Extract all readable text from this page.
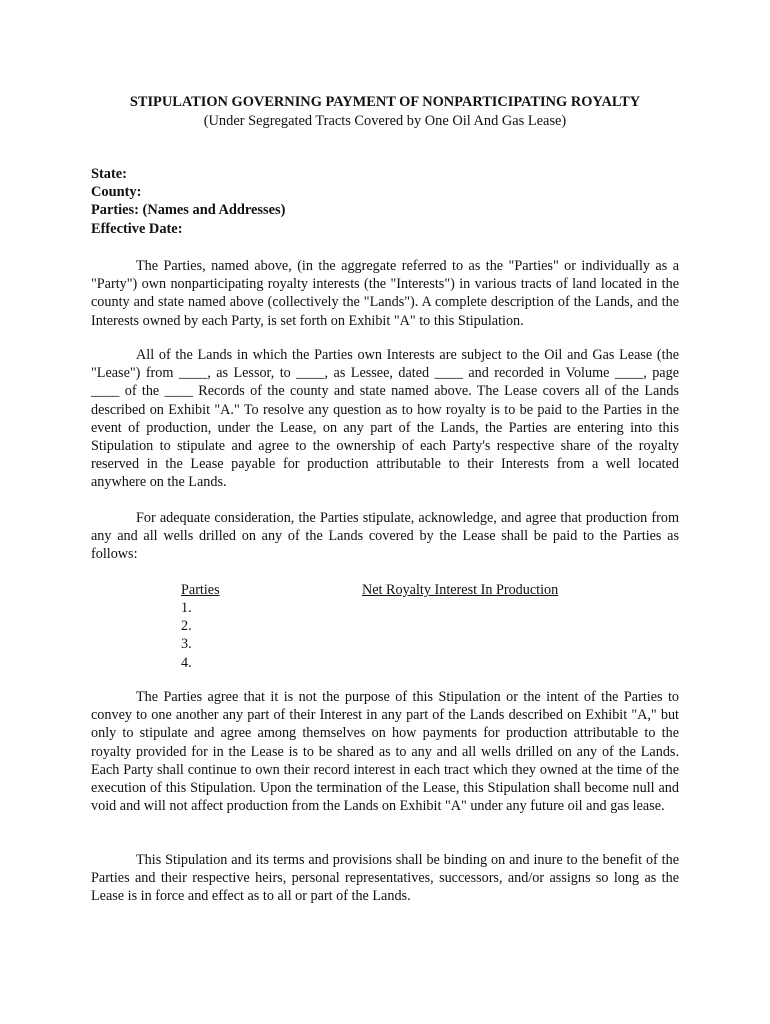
STIPULATION GOVERNING PAYMENT OF NONPARTICIPATING ROYALTY
(Under Segregated Tracts Covered by One Oil And Gas Lease)
State:
County:
Parties: (Names and Addresses)
Effective Date:

The Parties, named above, (in the aggregate referred to as the "Parties" or individually as a "Party") own nonparticipating royalty interests (the "Interests") in various tracts of land located in the county and state named above (collectively the "Lands"). A complete description of the Lands, and the Interests owned by each Party, is set forth on Exhibit "A" to this Stipulation.

All of the Lands in which the Parties own Interests are subject to the Oil and Gas Lease (the "Lease") from ____, as Lessor, to ____, as Lessee, dated ____ and recorded in Volume ____, page ____ of the ____ Records of the county and state named above. The Lease covers all of the Lands described on Exhibit "A." To resolve any question as to how royalty is to be paid to the Parties in the event of production, under the Lease, on any part of the Lands, the Parties are entering into this Stipulation to stipulate and agree to the ownership of each Party's respective share of the royalty reserved in the Lease payable for production attributable to their Interests from a well located anywhere on the Lands.

For adequate consideration, the Parties stipulate, acknowledge, and agree that production from any and all wells drilled on any of the Lands covered by the Lease shall be paid to the Parties as follows:

Parties	Net Royalty Interest In Production
1.
2.
3.
4.

The Parties agree that it is not the purpose of this Stipulation or the intent of the Parties to convey to one another any part of their Interest in any part of the Lands described on Exhibit "A," but only to stipulate and agree among themselves on how payments for production attributable to the royalty provided for in the Lease is to be shared as to any and all wells drilled on any of the Lands. Each Party shall continue to own their record interest in each tract which they owned at the time of the execution of this Stipulation. Upon the termination of the Lease, this Stipulation shall become null and void and will not affect production from the Lands on Exhibit "A" under any future oil and gas lease.

This Stipulation and its terms and provisions shall be binding on and inure to the benefit of the Parties and their respective heirs, personal representatives, successors, and/or assigns so long as the Lease is in force and effect as to all or part of the Lands.
